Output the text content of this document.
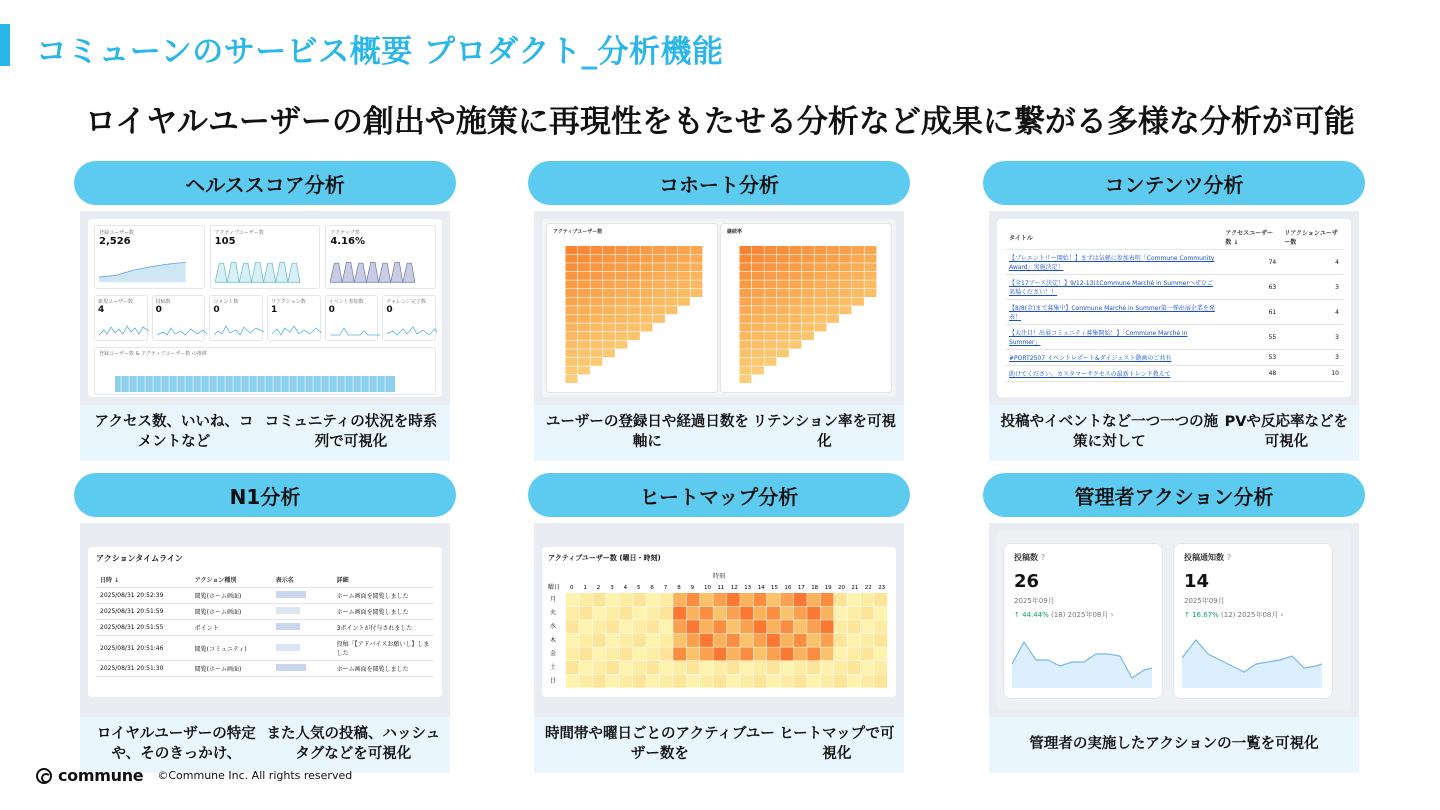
コミューンのサービス概要 プロダクト_分析機能
ロイヤルユーザーの創出や施策に再現性をもたせる分析など成果に繋がる多様な分析が可能
ヘルススコア分析
登録ユーザー数
2,526
アクティブユーザー数
105
アクティブ率
4.16%
新規ユーザー数
4
投稿数
0
コメント数
0
リアクション数
1
イベント参加数
0
チャレンジ完了数
0
登録ユーザー数 & アクティブユーザー数 の推移
アクセス数、いいね、コメントなど
コミュニティの状況を時系列で可視化
コホート分析
アクティブユーザー数	継続率
ユーザーの登録日や経過日数を軸に
リテンション率を可視化
コンテンツ分析
タイトル	アクセスユーザー数 ↓	リアクションユーザー数
【プレエントリー開始！】まずは気軽に参加表明「Commune Community Award」実施決定！	74	4
【全17ブース決定！】9/12-13はCommune Marché in Summerへぜひご来場ください！！	63	3
【8/8(金)まで募集中】Commune Marché in Summer第一弾出展企業を発表！	61	4
【大注目！出展コミュニティ募集開始！】「Commune Marché in Summer」	55	3
#PORT2507 イベントレポート&ダイジェスト動画のご共有	53	3
助けてください。カスタマーサクセスの最新トレンド教えて	48	10
投稿やイベントなど一つ一つの施策に対して
PVや反応率などを可視化
N1分析
アクションタイムライン
日時 ↓	アクション種別	表示名	詳細
2025/08/31 20:52:39	閲覧(ホーム画面)		ホーム画面を閲覧しました
2025/08/31 20:51:59	閲覧(ホーム画面)		ホーム画面を閲覧しました
2025/08/31 20:51:55	ポイント		3ポイントが付与されました
2025/08/31 20:51:46	閲覧(コミュニティ)		投稿「【アドバイスお願いし】しました
2025/08/31 20:51:30	閲覧(ホーム画面)		ホーム画面を閲覧しました
ロイヤルユーザーの特定や、そのきっかけ、
また人気の投稿、ハッシュタグなどを可視化
ヒートマップ分析
アクティブユーザー数 (曜日・時刻)
時刻
曜日 0 1 2 3 4 5 6 7 8 9 10 11 12 13 14 15 16 17 18 19 20 21 22 23
月
火
水
木
金
土
日
時間帯や曜日ごとのアクティブユーザー数を
ヒートマップで可視化
管理者アクション分析
投稿数 ?
26
2025年09月
↑ 44.44% (18) 2025年08月 ›
投稿通知数 ?
14
2025年09月
↑ 16.67% (12) 2025年08月 ›
管理者の実施したアクションの一覧を可視化
commune ©Commune Inc. All rights reserved
